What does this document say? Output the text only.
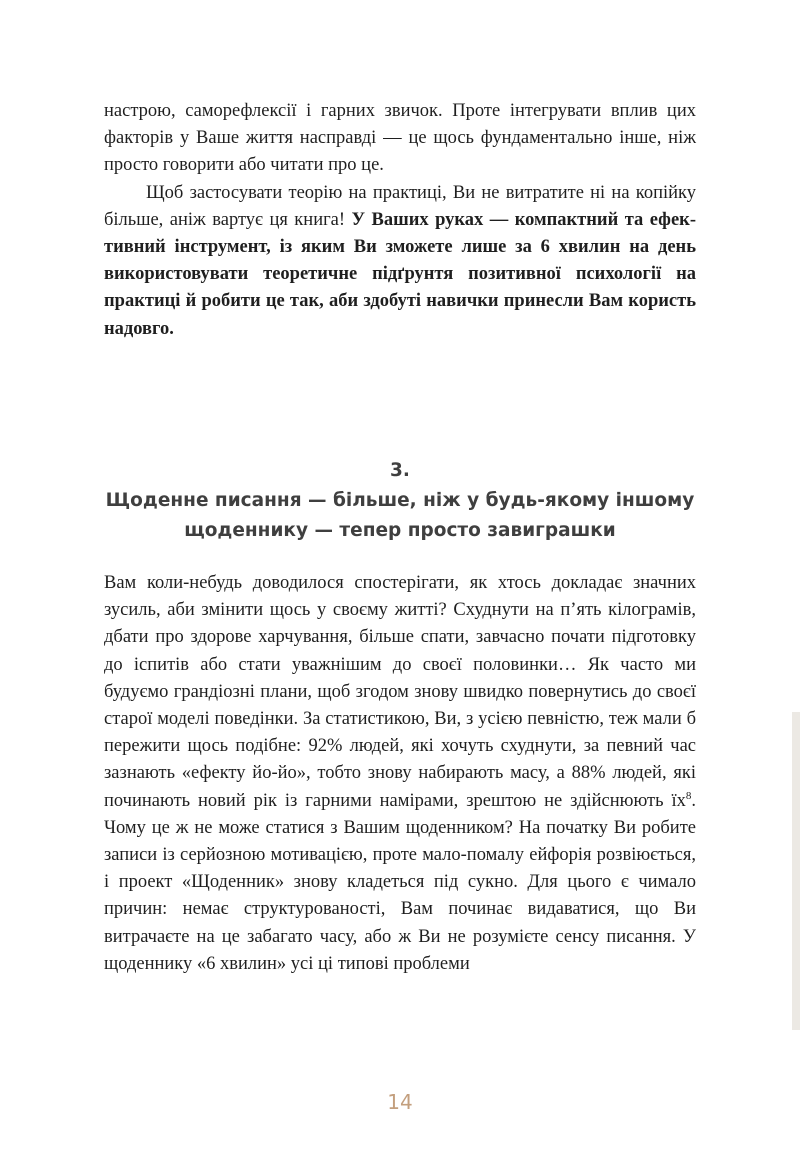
настрою, саморефлексії і гарних звичок. Проте інтегрувати вплив цих факторів у Ваше життя насправді — це щось фундаментально інше, ніж просто говорити або читати про це.

Щоб застосувати теорію на практиці, Ви не витратите ні на копійку більше, аніж вартує ця книга! У Ваших руках — компактний та ефективний інструмент, із яким Ви зможете лише за 6 хвилин на день використовувати теоретичне підґрунтя позитивної психології на практиці й робити це так, аби здобуті навички принесли Вам користь надовго.

3.
Щоденне писання — більше, ніж у будь-якому іншому
щоденнику — тепер просто завиграшки

Вам коли-небудь доводилося спостерігати, як хтось докладає значних зусиль, аби змінити щось у своєму житті? Схуднути на п’ять кілограмів, дбати про здорове харчування, більше спати, завчасно почати підготовку до іспитів або стати уважнішим до своєї половинки… Як часто ми будуємо грандіозні плани, щоб згодом знову швидко повернутись до своєї старої моделі поведінки. За статистикою, Ви, з усією певністю, теж мали б пережити щось подібне: 92% людей, які хочуть схуднути, за певний час зазнають «ефекту йо-йо», тобто знову набирають масу, а 88% людей, які починають новий рік із гарними намірами, зрештою не здійснюють $їх^8$. Чому це ж не може статися з Вашим щоденником? На початку Ви робите записи із серйозною мотивацією, проте мало-помалу ейфорія розвіюється, і проект «Щоденник» знову кладеться під сукно. Для цього є чимало причин: немає структурованості, Вам починає видаватися, що Ви витрачаєте на це забагато часу, або ж Ви не розумієте сенсу писання. У щоденнику «6 хвилин» усі ці типові проблеми

14
